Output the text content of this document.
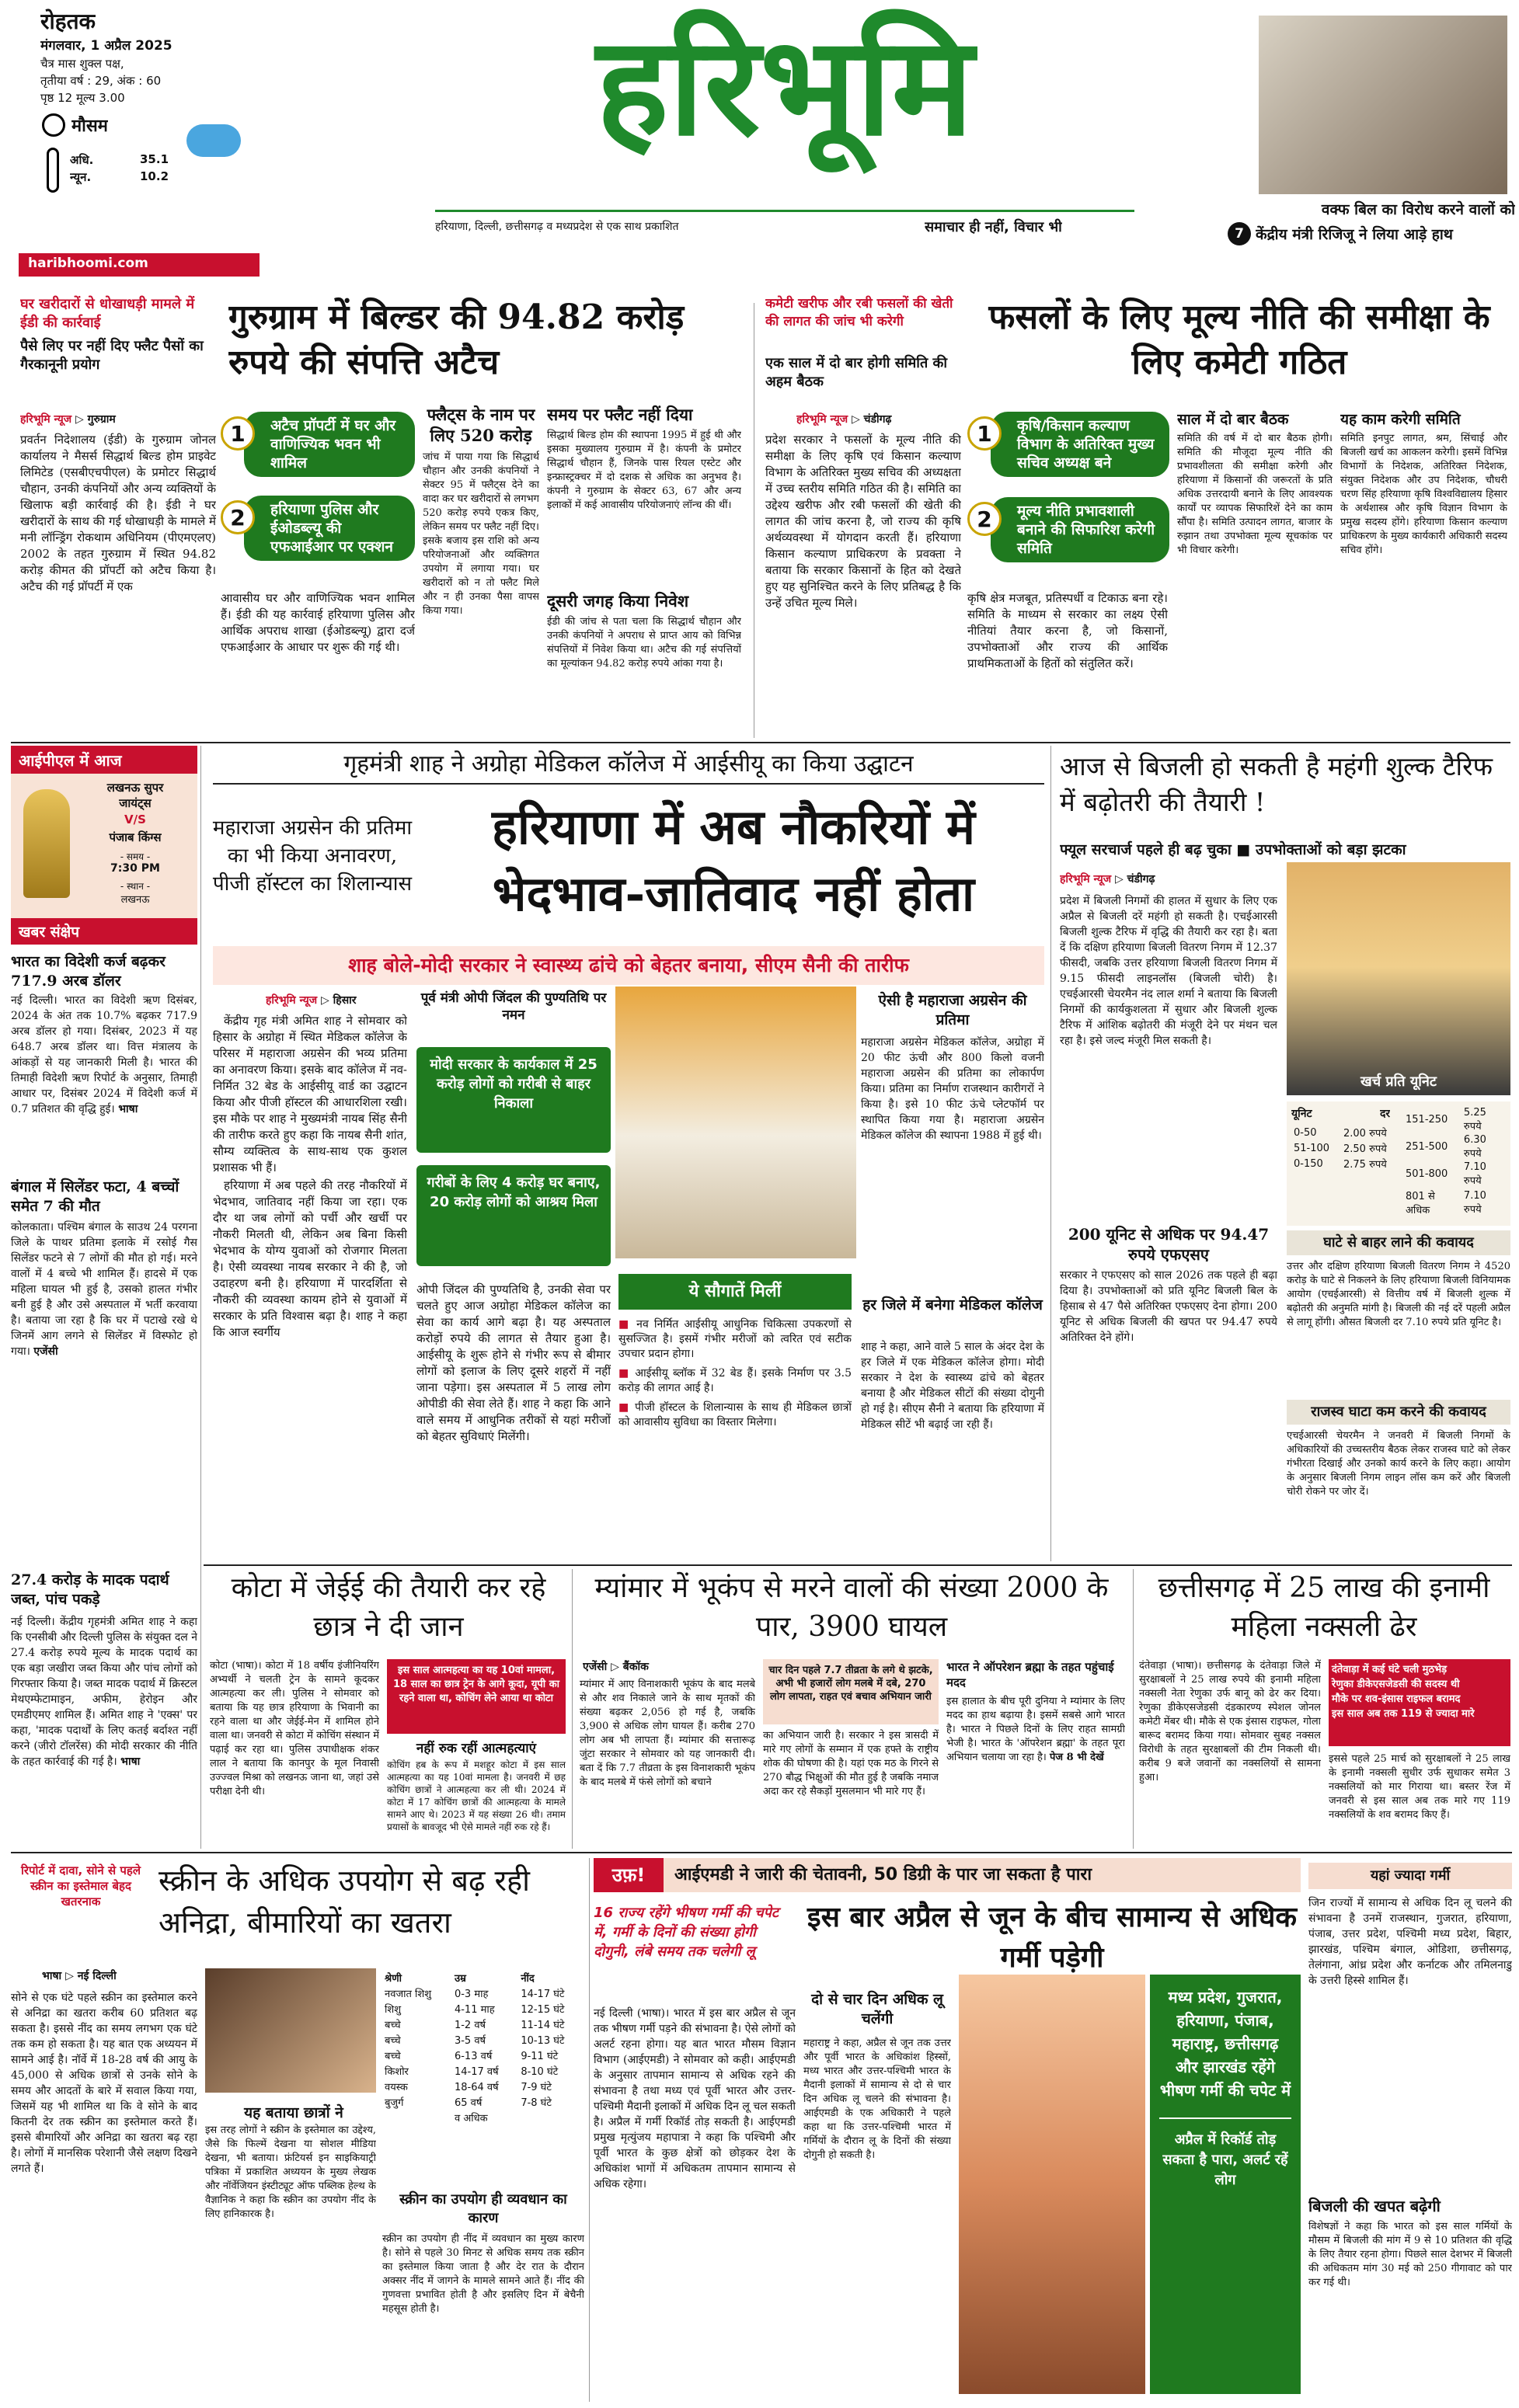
रोहतक
मंगलवार, 1 अप्रैल 2025
चैत्र मास शुक्ल पक्ष,
तृतीया वर्ष : 29, अंक : 60
पृष्ठ 12 मूल्य 3.00
मौसम
अधि.	35.1
न्यून.	10.2
haribhoomi.com
हरिभूमि
हरियाणा, दिल्ली, छत्तीसगढ़ व मध्यप्रदेश से एक साथ प्रकाशित	समाचार ही नहीं, विचार भी
वक्फ बिल का विरोध करने वालों को
7 केंद्रीय मंत्री रिजिजू ने लिया आड़े हाथ
घर खरीदारों से धोखाधड़ी मामले में ईडी की कार्रवाई
पैसे लिए पर नहीं दिए फ्लैट पैसों का गैरकानूनी प्रयोग
गुरुग्राम में बिल्डर की 94.82 करोड़ रुपये की संपत्ति अटैच
हरिभूमि न्यूज ▷ गुरुग्राम
प्रवर्तन निदेशालय (ईडी) के गुरुग्राम जोनल कार्यालय ने मैसर्स सिद्धार्थ बिल्ड होम प्राइवेट लिमिटेड (एसबीएचपीएल) के प्रमोटर सिद्धार्थ चौहान, उनकी कंपनियों और अन्य व्यक्तियों के खिलाफ बड़ी कार्रवाई की है। ईडी ने घर खरीदारों के साथ की गई धोखाधड़ी के मामले में मनी लॉन्ड्रिंग रोकथाम अधिनियम (पीएमएलए) 2002 के तहत गुरुग्राम में स्थित 94.82 करोड़ कीमत की प्रॉपर्टी को अटैच किया है। अटैच की गई प्रॉपर्टी में एक
1	अटैच प्रॉपर्टी में घर और वाणिज्यिक भवन भी शामिल
2	हरियाणा पुलिस और ईओडब्ल्यू की एफआईआर पर एक्शन
आवासीय घर और वाणिज्यिक भवन शामिल हैं। ईडी की यह कार्रवाई हरियाणा पुलिस और आर्थिक अपराध शाखा (ईओडब्ल्यू) द्वारा दर्ज एफआईआर के आधार पर शुरू की गई थी।
फ्लैट्स के नाम पर लिए 520 करोड़
जांच में पाया गया कि सिद्धार्थ चौहान और उनकी कंपनियों ने सेक्टर 95 में फ्लैट्स देने का वादा कर घर खरीदारों से लगभग 520 करोड़ रुपये एकत्र किए, लेकिन समय पर फ्लैट नहीं दिए। इसके बजाय इस राशि को अन्य परियोजनाओं और व्यक्तिगत उपयोग में लगाया गया। घर खरीदारों को न तो फ्लैट मिले और न ही उनका पैसा वापस किया गया।
समय पर फ्लैट नहीं दिया
सिद्धार्थ बिल्ड होम की स्थापना 1995 में हुई थी और इसका मुख्यालय गुरुग्राम में है। कंपनी के प्रमोटर सिद्धार्थ चौहान हैं, जिनके पास रियल एस्टेट और इन्फ्रास्ट्रक्चर में दो दशक से अधिक का अनुभव है। कंपनी ने गुरुग्राम के सेक्टर 63, 67 और अन्य इलाकों में कई आवासीय परियोजनाएं लॉन्च की थीं।
दूसरी जगह किया निवेश
ईडी की जांच से पता चला कि सिद्धार्थ चौहान और उनकी कंपनियों ने अपराध से प्राप्त आय को विभिन्न संपत्तियों में निवेश किया था। अटैच की गई संपत्तियों का मूल्यांकन 94.82 करोड़ रुपये आंका गया है।
कमेटी खरीफ और रबी फसलों की खेती की लागत की जांच भी करेगी
एक साल में दो बार होगी समिति की अहम बैठक
फसलों के लिए मूल्य नीति की समीक्षा के लिए कमेटी गठित
हरिभूमि न्यूज ▷ चंडीगढ़
प्रदेश सरकार ने फसलों के मूल्य नीति की समीक्षा के लिए कृषि एवं किसान कल्याण विभाग के अतिरिक्त मुख्य सचिव की अध्यक्षता में उच्च स्तरीय समिति गठित की है। समिति का उद्देश्य खरीफ और रबी फसलों की खेती की लागत की जांच करना है, जो राज्य की कृषि अर्थव्यवस्था में योगदान करती हैं। हरियाणा किसान कल्याण प्राधिकरण के प्रवक्ता ने बताया कि सरकार किसानों के हित को देखते हुए यह सुनिश्चित करने के लिए प्रतिबद्ध है कि उन्हें उचित मूल्य मिले।
1	कृषि/किसान कल्याण विभाग के अतिरिक्त मुख्य सचिव अध्यक्ष बने
2	मूल्य नीति प्रभावशाली बनाने की सिफारिश करेगी समिति
कृषि क्षेत्र मजबूत, प्रतिस्पर्धी व टिकाऊ बना रहे। समिति के माध्यम से सरकार का लक्ष्य ऐसी नीतियां तैयार करना है, जो किसानों, उपभोक्ताओं और राज्य की आर्थिक प्राथमिकताओं के हितों को संतुलित करें।
साल में दो बार बैठक
समिति की वर्ष में दो बार बैठक होगी। समिति की मौजूदा मूल्य नीति की प्रभावशीलता की समीक्षा करेगी और हरियाणा में किसानों की जरूरतों के प्रति अधिक उत्तरदायी बनाने के लिए आवश्यक कार्यों पर व्यापक सिफारिशें देने का काम सौंपा है। समिति उत्पादन लागत, बाजार के रुझान तथा उपभोक्ता मूल्य सूचकांक पर भी विचार करेगी।
यह काम करेगी समिति
समिति इनपुट लागत, श्रम, सिंचाई और बिजली खर्च का आकलन करेगी। इसमें विभिन्न विभागों के निदेशक, अतिरिक्त निदेशक, संयुक्त निदेशक और उप निदेशक, चौधरी चरण सिंह हरियाणा कृषि विश्वविद्यालय हिसार के अर्थशास्त्र और कृषि विज्ञान विभाग के प्रमुख सदस्य होंगे। हरियाणा किसान कल्याण प्राधिकरण के मुख्य कार्यकारी अधिकारी सदस्य सचिव होंगे।
आईपीएल में आज
लखनऊ सुपर
जायंट्स
V/S
पंजाब किंग्स
- समय -
7:30 PM
- स्थान -
लखनऊ
खबर संक्षेप
भारत का विदेशी कर्ज बढ़कर 717.9 अरब डॉलर
नई दिल्ली। भारत का विदेशी ऋण दिसंबर, 2024 के अंत तक 10.7% बढ़कर 717.9 अरब डॉलर हो गया। दिसंबर, 2023 में यह 648.7 अरब डॉलर था। वित्त मंत्रालय के आंकड़ों से यह जानकारी मिली है। भारत की तिमाही विदेशी ऋण रिपोर्ट के अनुसार, तिमाही आधार पर, दिसंबर 2024 में विदेशी कर्ज में 0.7 प्रतिशत की वृद्धि हुई। भाषा
बंगाल में सिलेंडर फटा, 4 बच्चों समेत 7 की मौत
कोलकाता। पश्चिम बंगाल के साउथ 24 परगना जिले के पाथर प्रतिमा इलाके में रसोई गैस सिलेंडर फटने से 7 लोगों की मौत हो गई। मरने वालों में 4 बच्चे भी शामिल हैं। हादसे में एक महिला घायल भी हुई है, उसको हालत गंभीर बनी हुई है और उसे अस्पताल में भर्ती करवाया है। बताया जा रहा है कि घर में पटाखे रखे थे जिनमें आग लगने से सिलेंडर में विस्फोट हो गया। एजेंसी
गृहमंत्री शाह ने अग्रोहा मेडिकल कॉलेज में आईसीयू का किया उद्घाटन
महाराजा अग्रसेन की प्रतिमा का भी किया अनावरण, पीजी हॉस्टल का शिलान्यास
हरियाणा में अब नौकरियों में भेदभाव-जातिवाद नहीं होता
शाह बोले-मोदी सरकार ने स्वास्थ्य ढांचे को बेहतर बनाया, सीएम सैनी की तारीफ
हरिभूमि न्यूज ▷ हिसार

केंद्रीय गृह मंत्री अमित शाह ने सोमवार को हिसार के अग्रोहा में स्थित मेडिकल कॉलेज के परिसर में महाराजा अग्रसेन की भव्य प्रतिमा का अनावरण किया। इसके बाद कॉलेज में नव-निर्मित 32 बेड के आईसीयू वार्ड का उद्घाटन किया और पीजी हॉस्टल की आधारशिला रखी। इस मौके पर शाह ने मुख्यमंत्री नायब सिंह सैनी की तारीफ करते हुए कहा कि नायब सैनी शांत, सौम्य व्यक्तित्व के साथ-साथ एक कुशल प्रशासक भी हैं।

हरियाणा में अब पहले की तरह नौकरियों में भेदभाव, जातिवाद नहीं किया जा रहा। एक दौर था जब लोगों को पर्ची और खर्ची पर नौकरी मिलती थी, लेकिन अब बिना किसी भेदभाव के योग्य युवाओं को रोजगार मिलता है। ऐसी व्यवस्था नायब सरकार ने की है, जो उदाहरण बनी है। हरियाणा में पारदर्शिता से नौकरी की व्यवस्था कायम होने से युवाओं में सरकार के प्रति विश्वास बढ़ा है। शाह ने कहा कि आज स्वर्गीय

पूर्व मंत्री ओपी जिंदल की पुण्यतिथि पर नमन
मोदी सरकार के कार्यकाल में 25 करोड़ लोगों को गरीबी से बाहर निकाला
गरीबों के लिए 4 करोड़ घर बनाए, 20 करोड़ लोगों को आश्रय मिला
ओपी जिंदल की पुण्यतिथि है, उनकी सेवा पर चलते हुए आज अग्रोहा मेडिकल कॉलेज का सेवा का कार्य आगे बढ़ा है। यह अस्पताल करोड़ों रुपये की लागत से तैयार हुआ है। आईसीयू के शुरू होने से गंभीर रूप से बीमार लोगों को इलाज के लिए दूसरे शहरों में नहीं जाना पड़ेगा। इस अस्पताल में 5 लाख लोग ओपीडी की सेवा लेते हैं। शाह ने कहा कि आने वाले समय में आधुनिक तरीकों से यहां मरीजों को बेहतर सुविधाएं मिलेंगी।
ये सौगातें मिलीं
■ नव निर्मित आईसीयू आधुनिक चिकित्सा उपकरणों से सुसज्जित है। इसमें गंभीर मरीजों को त्वरित एवं सटीक उपचार प्रदान होगा।
■ आईसीयू ब्लॉक में 32 बेड हैं। इसके निर्माण पर 3.5 करोड़ की लागत आई है।
■ पीजी हॉस्टल के शिलान्यास के साथ ही मेडिकल छात्रों को आवासीय सुविधा का विस्तार मिलेगा।
ऐसी है महाराजा अग्रसेन की प्रतिमा
महाराजा अग्रसेन मेडिकल कॉलेज, अग्रोहा में 20 फीट ऊंची और 800 किलो वजनी महाराजा अग्रसेन की प्रतिमा का लोकार्पण किया। प्रतिमा का निर्माण राजस्थान कारीगरों ने किया है। इसे 10 फीट ऊंचे प्लेटफॉर्म पर स्थापित किया गया है। महाराजा अग्रसेन मेडिकल कॉलेज की स्थापना 1988 में हुई थी।
हर जिले में बनेगा मेडिकल कॉलेज
शाह ने कहा, आने वाले 5 साल के अंदर देश के हर जिले में एक मेडिकल कॉलेज होगा। मोदी सरकार ने देश के स्वास्थ्य ढांचे को बेहतर बनाया है और मेडिकल सीटों की संख्या दोगुनी हो गई है। सीएम सैनी ने बताया कि हरियाणा में मेडिकल सीटें भी बढ़ाई जा रही हैं।
आज से बिजली हो सकती है महंगी शुल्क टैरिफ में बढ़ोतरी की तैयारी !
फ्यूल सरचार्ज पहले ही बढ़ चुका ■ उपभोक्ताओं को बड़ा झटका
हरिभूमि न्यूज ▷ चंडीगढ़
प्रदेश में बिजली निगमों की हालत में सुधार के लिए एक अप्रैल से बिजली दरें महंगी हो सकती है। एचईआरसी बिजली शुल्क टैरिफ में वृद्धि की तैयारी कर रहा है। बता दें कि दक्षिण हरियाणा बिजली वितरण निगम में 12.37 फीसदी, जबकि उत्तर हरियाणा बिजली वितरण निगम में 9.15 फीसदी लाइनलॉस (बिजली चोरी) है। एचईआरसी चेयरमैन नंद लाल शर्मा ने बताया कि बिजली निगमों की कार्यकुशलता में सुधार और बिजली शुल्क टैरिफ में आंशिक बढ़ोतरी की मंजूरी देने पर मंथन चल रहा है। इसे जल्द मंजूरी मिल सकती है।
खर्च प्रति यूनिट
यूनिट	दर
0-50	2.00 रुपये
51-100	2.50 रुपये
0-150	2.75 रुपये
151-250	5.25 रुपये
251-500	6.30 रुपये
501-800	7.10 रुपये
801 से अधिक	7.10 रुपये
200 यूनिट से अधिक पर 94.47 रुपये एफएसए
सरकार ने एफएसए को साल 2026 तक पहले ही बढ़ा दिया है। उपभोक्ताओं को प्रति यूनिट बिजली बिल के हिसाब से 47 पैसे अतिरिक्त एफएसए देना होगा। 200 यूनिट से अधिक बिजली की खपत पर 94.47 रुपये अतिरिक्त देने होंगे।
घाटे से बाहर लाने की कवायद
उत्तर और दक्षिण हरियाणा बिजली वितरण निगम ने 4520 करोड़ के घाटे से निकलने के लिए हरियाणा बिजली विनियामक आयोग (एचईआरसी) से वित्तीय वर्ष में बिजली शुल्क में बढ़ोतरी की अनुमति मांगी है। बिजली की नई दरें पहली अप्रैल से लागू होंगी। औसत बिजली दर 7.10 रुपये प्रति यूनिट है।
राजस्व घाटा कम करने की कवायद
एचईआरसी चेयरमैन ने जनवरी में बिजली निगमों के अधिकारियों की उच्चस्तरीय बैठक लेकर राजस्व घाटे को लेकर गंभीरता दिखाई और उनको कार्य करने के लिए कहा। आयोग के अनुसार बिजली निगम लाइन लॉस कम करें और बिजली चोरी रोकने पर जोर दें।
27.4 करोड़ के मादक पदार्थ जब्त, पांच पकड़े
नई दिल्ली। केंद्रीय गृहमंत्री अमित शाह ने कहा कि एनसीबी और दिल्ली पुलिस के संयुक्त दल ने 27.4 करोड़ रुपये मूल्य के मादक पदार्थ का एक बड़ा जखीरा जब्त किया और पांच लोगों को गिरफ्तार किया है। जब्त मादक पदार्थ में क्रिस्टल मेथएम्फेटामाइन, अफीम, हेरोइन और एमडीएमए शामिल हैं। अमित शाह ने 'एक्स' पर कहा, 'मादक पदार्थों के लिए कतई बर्दाश्त नहीं करने (जीरो टॉलरेंस) की मोदी सरकार की नीति के तहत कार्रवाई की गई है। भाषा
कोटा में जेईई की तैयारी कर रहे छात्र ने दी जान
कोटा (भाषा)। कोटा में 18 वर्षीय इंजीनियरिंग अभ्यर्थी ने चलती ट्रेन के सामने कूदकर आत्महत्या कर ली। पुलिस ने सोमवार को बताया कि यह छात्र हरियाणा के भिवानी का रहने वाला था और जेईई-मेन में शामिल होने वाला था। जनवरी से कोटा में कोचिंग संस्थान में पढ़ाई कर रहा था। पुलिस उपाधीक्षक शंकर लाल ने बताया कि कानपुर के मूल निवासी उज्ज्वल मिश्रा को लखनऊ जाना था, जहां उसे परीक्षा देनी थी।
इस साल आत्महत्या का यह 10वां मामला, 18 साल का छात्र ट्रेन के आगे कूदा, यूपी का रहने वाला था, कोचिंग लेने आया था कोटा
नहीं रुक रहीं आत्महत्याएं
कोचिंग हब के रूप में मशहूर कोटा में इस साल आत्महत्या का यह 10वां मामला है। जनवरी में छह कोचिंग छात्रों ने आत्महत्या कर ली थी। 2024 में कोटा में 17 कोचिंग छात्रों की आत्महत्या के मामले सामने आए थे। 2023 में यह संख्या 26 थी। तमाम प्रयासों के बावजूद भी ऐसे मामले नहीं रुक रहे हैं।
म्यांमार में भूकंप से मरने वालों की संख्या 2000 के पार, 3900 घायल
एजेंसी ▷ बैंकॉक
म्यांमार में आए विनाशकारी भूकंप के बाद मलबे से और शव निकाले जाने के साथ मृतकों की संख्या बढ़कर 2,056 हो गई है, जबकि 3,900 से अधिक लोग घायल हैं। करीब 270 लोग अब भी लापता हैं। म्यांमार की सत्तारूढ़ जुंटा सरकार ने सोमवार को यह जानकारी दी। बता दें कि 7.7 तीव्रता के इस विनाशकारी भूकंप के बाद मलबे में फंसे लोगों को बचाने
चार दिन पहले 7.7 तीव्रता के लगे थे झटके, अभी भी हजारों लोग मलबे में दबे, 270 लोग लापता, राहत एवं बचाव अभियान जारी
का अभियान जारी है। सरकार ने इस त्रासदी में मारे गए लोगों के सम्मान में एक हफ्ते के राष्ट्रीय शोक की घोषणा की है। यहां एक मठ के गिरने से 270 बौद्ध भिक्षुओं की मौत हुई है जबकि नमाज अदा कर रहे सैकड़ों मुसलमान भी मारे गए हैं।
भारत ने ऑपरेशन ब्रह्मा के तहत पहुंचाई मदद
इस हालात के बीच पूरी दुनिया ने म्यांमार के लिए मदद का हाथ बढ़ाया है। इसमें सबसे आगे भारत है। भारत ने पिछले दिनों के लिए राहत सामग्री भेजी है। भारत के 'ऑपरेशन ब्रह्मा' के तहत पूरा अभियान चलाया जा रहा है। पेज 8 भी देखें
छत्तीसगढ़ में 25 लाख की इनामी महिला नक्सली ढेर
दंतेवाड़ा (भाषा)। छत्तीसगढ़ के दंतेवाड़ा जिले में सुरक्षाबलों ने 25 लाख रुपये की इनामी महिला नक्सली नेता रेणुका उर्फ बानू को ढेर कर दिया। रेणुका डीकेएसजेडसी दंडकारण्य स्पेशल जोनल कमेटी मेंबर थी। मौके से एक इंसास राइफल, गोला बारूद बरामद किया गया। सोमवार सुबह नक्सल विरोधी के तहत सुरक्षाबलों की टीम निकली थी। करीब 9 बजे जवानों का नक्सलियों से सामना हुआ।
दंतेवाड़ा में कई घंटे चली मुठभेड़
रेणुका डीकेएसजेडसी की सदस्य थी
मौके पर शव-इंसास राइफल बरामद
इस साल अब तक 119 से ज्यादा मारे
इससे पहले 25 मार्च को सुरक्षाबलों ने 25 लाख के इनामी नक्सली सुधीर उर्फ सुधाकर समेत 3 नक्सलियों को मार गिराया था। बस्तर रेंज में जनवरी से इस साल अब तक मारे गए 119 नक्सलियों के शव बरामद किए हैं।
रिपोर्ट में दावा, सोने से पहले स्क्रीन का इस्तेमाल बेहद खतरनाक
स्क्रीन के अधिक उपयोग से बढ़ रही अनिद्रा, बीमारियों का खतरा
भाषा ▷ नई दिल्ली
सोने से एक घंटे पहले स्क्रीन का इस्तेमाल करने से अनिद्रा का खतरा करीब 60 प्रतिशत बढ़ सकता है। इससे नींद का समय लगभग एक घंटे तक कम हो सकता है। यह बात एक अध्ययन में सामने आई है। नॉर्वे में 18-28 वर्ष की आयु के 45,000 से अधिक छात्रों से उनके सोने के समय और आदतों के बारे में सवाल किया गया, जिसमें यह भी शामिल था कि वे सोने के बाद कितनी देर तक स्क्रीन का इस्तेमाल करते हैं। इससे बीमारियों और अनिद्रा का खतरा बढ़ रहा है। लोगों में मानसिक परेशानी जैसे लक्षण दिखने लगते हैं।
यह बताया छात्रों ने
इस तरह लोगों ने स्क्रीन के इस्तेमाल का उद्देश्य, जैसे कि फिल्में देखना या सोशल मीडिया देखना, भी बताया। फ्रंटियर्स इन साइकियाट्री पत्रिका में प्रकाशित अध्ययन के मुख्य लेखक और नॉर्वेजियन इंस्टीट्यूट ऑफ पब्लिक हेल्थ के वैज्ञानिक ने कहा कि स्क्रीन का उपयोग नींद के लिए हानिकारक है।
श्रेणी	उम्र	नींद
नवजात शिशु	0-3 माह	14-17 घंटे
शिशु	4-11 माह	12-15 घंटे
बच्चे	1-2 वर्ष	11-14 घंटे
बच्चे	3-5 वर्ष	10-13 घंटे
बच्चे	6-13 वर्ष	9-11 घंटे
किशोर	14-17 वर्ष	8-10 घंटे
वयस्क	18-64 वर्ष	7-9 घंटे
बुजुर्ग	65 वर्ष	7-8 घंटे
	व अधिक	
स्क्रीन का उपयोग ही व्यवधान का कारण
स्क्रीन का उपयोग ही नींद में व्यवधान का मुख्य कारण है। सोने से पहले 30 मिनट से अधिक समय तक स्क्रीन का इस्तेमाल किया जाता है और देर रात के दौरान अक्सर नींद में जागने के मामले सामने आते हैं। नींद की गुणवत्ता प्रभावित होती है और इसलिए दिन में बेचैनी महसूस होती है।
उफ़!	आईएमडी ने जारी की चेतावनी, 50 डिग्री के पार जा सकता है पारा
16 राज्य रहेंगे भीषण गर्मी की चपेट में, गर्मी के दिनों की संख्या होगी दोगुनी, लंबे समय तक चलेगी लू
इस बार अप्रैल से जून के बीच सामान्य से अधिक गर्मी पड़ेगी
नई दिल्ली (भाषा)। भारत में इस बार अप्रैल से जून तक भीषण गर्मी पड़ने की संभावना है। ऐसे लोगों को अलर्ट रहना होगा। यह बात भारत मौसम विज्ञान विभाग (आईएमडी) ने सोमवार को कही। आईएमडी के अनुसार तापमान सामान्य से अधिक रहने की संभावना है तथा मध्य एवं पूर्वी भारत और उत्तर-पश्चिमी मैदानी इलाकों में अधिक दिन लू चल सकती है। अप्रैल में गर्मी रिकॉर्ड तोड़ सकती है। आईएमडी प्रमुख मृत्युंजय महापात्रा ने कहा कि पश्चिमी और पूर्वी भारत के कुछ क्षेत्रों को छोड़कर देश के अधिकांश भागों में अधिकतम तापमान सामान्य से अधिक रहेगा।
दो से चार दिन अधिक लू चलेंगी
महाराष्ट्र ने कहा, अप्रैल से जून तक उत्तर और पूर्वी भारत के अधिकांश हिस्सों, मध्य भारत और उत्तर-पश्चिमी भारत के मैदानी इलाकों में सामान्य से दो से चार दिन अधिक लू चलने की संभावना है। आईएमडी के एक अधिकारी ने पहले कहा था कि उत्तर-पश्चिमी भारत में गर्मियों के दौरान लू के दिनों की संख्या दोगुनी हो सकती है।
मध्य प्रदेश, गुजरात, हरियाणा, पंजाब, महाराष्ट्र, छत्तीसगढ़ और झारखंड रहेंगे भीषण गर्मी की चपेट में
अप्रैल में रिकॉर्ड तोड़ सकता है पारा, अलर्ट रहें लोग
यहां ज्यादा गर्मी
जिन राज्यों में सामान्य से अधिक दिन लू चलने की संभावना है उनमें राजस्थान, गुजरात, हरियाणा, पंजाब, उत्तर प्रदेश, पश्चिमी मध्य प्रदेश, बिहार, झारखंड, पश्चिम बंगाल, ओडिशा, छत्तीसगढ़, तेलंगाना, आंध्र प्रदेश और कर्नाटक और तमिलनाडु के उत्तरी हिस्से शामिल हैं।
बिजली की खपत बढ़ेगी
विशेषज्ञों ने कहा कि भारत को इस साल गर्मियों के मौसम में बिजली की मांग में 9 से 10 प्रतिशत की वृद्धि के लिए तैयार रहना होगा। पिछले साल देशभर में बिजली की अधिकतम मांग 30 मई को 250 गीगावाट को पार कर गई थी।
